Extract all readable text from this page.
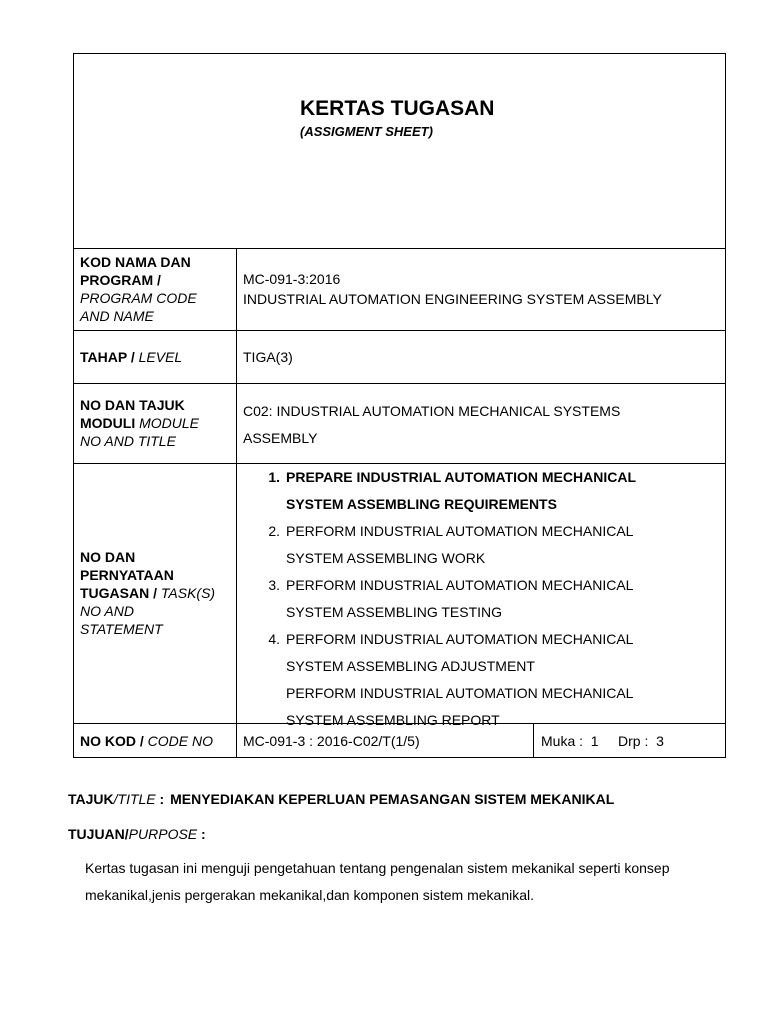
KERTAS TUGASAN
(ASSIGMENT SHEET)
KOD NAMA DAN
PROGRAM /
PROGRAM CODE
AND NAME
MC-091-3:2016
INDUSTRIAL AUTOMATION ENGINEERING SYSTEM ASSEMBLY
TAHAP / LEVEL	TIGA(3)
NO DAN TAJUK
MODULI MODULE
NO AND TITLE
C02: INDUSTRIAL AUTOMATION MECHANICAL SYSTEMS
ASSEMBLY
NO DAN
PERNYATAAN
TUGASAN / TASK(S)
NO AND
STATEMENT
1. PREPARE INDUSTRIAL AUTOMATION MECHANICAL
SYSTEM ASSEMBLING REQUIREMENTS
2. PERFORM INDUSTRIAL AUTOMATION MECHANICAL
SYSTEM ASSEMBLING WORK
3. PERFORM INDUSTRIAL AUTOMATION MECHANICAL
SYSTEM ASSEMBLING TESTING
4. PERFORM INDUSTRIAL AUTOMATION MECHANICAL
SYSTEM ASSEMBLING ADJUSTMENT
PERFORM INDUSTRIAL AUTOMATION MECHANICAL
SYSTEM ASSEMBLING REPORT
NO KOD / CODE NO MC-091-3 : 2016-C02/T(1/5)	Muka :  1     Drp :  3
TAJUK/TITLE : MENYEDIAKAN KEPERLUAN PEMASANGAN SISTEM MEKANIKAL
TUJUAN/PURPOSE :
Kertas tugasan ini menguji pengetahuan tentang pengenalan sistem mekanikal seperti konsep
mekanikal,jenis pergerakan mekanikal,dan komponen sistem mekanikal.
